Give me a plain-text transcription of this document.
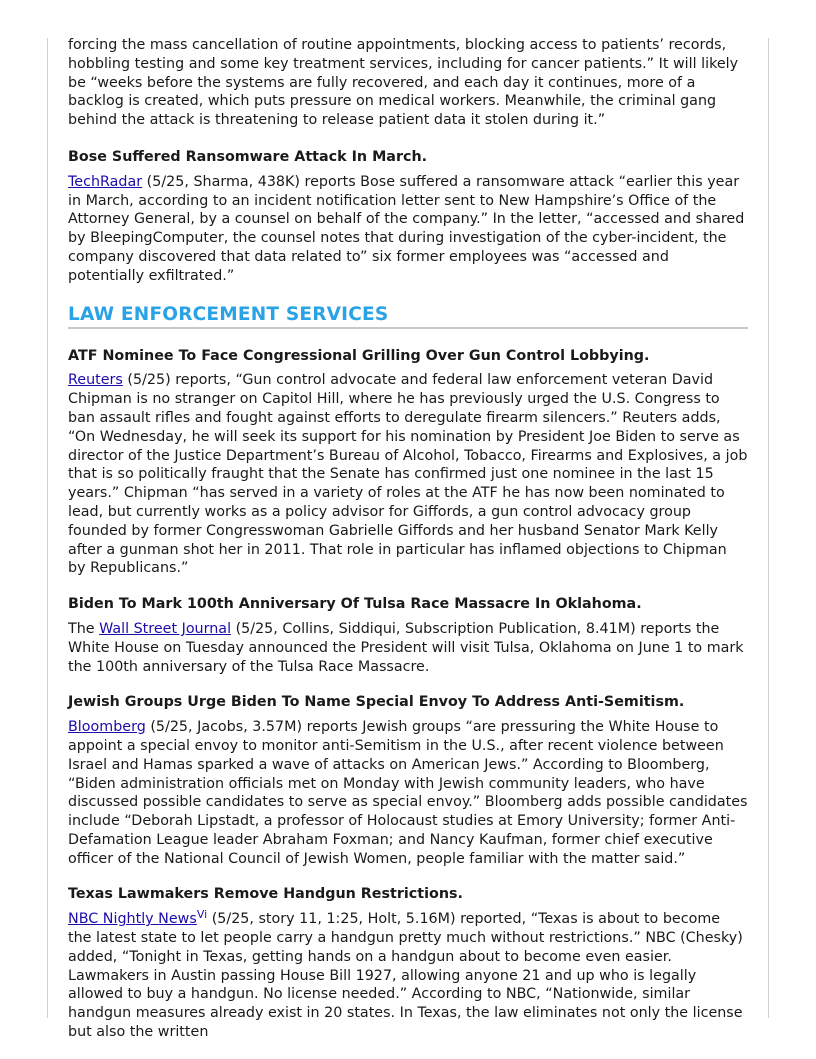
forcing the mass cancellation of routine appointments, blocking access to patients’ records, hobbling testing and some key treatment services, including for cancer patients.” It will likely be “weeks before the systems are fully recovered, and each day it continues, more of a backlog is created, which puts pressure on medical workers. Meanwhile, the criminal gang behind the attack is threatening to release patient data it stolen during it.”

Bose Suffered Ransomware Attack In March.

TechRadar (5/25, Sharma, 438K) reports Bose suffered a ransomware attack “earlier this year in March, according to an incident notification letter sent to New Hampshire’s Office of the Attorney General, by a counsel on behalf of the company.” In the letter, “accessed and shared by BleepingComputer, the counsel notes that during investigation of the cyber-incident, the company discovered that data related to” six former employees was “accessed and potentially exfiltrated.”

LAW ENFORCEMENT SERVICES
ATF Nominee To Face Congressional Grilling Over Gun Control Lobbying.

Reuters (5/25) reports, “Gun control advocate and federal law enforcement veteran David Chipman is no stranger on Capitol Hill, where he has previously urged the U.S. Congress to ban assault rifles and fought against efforts to deregulate firearm silencers.” Reuters adds, “On Wednesday, he will seek its support for his nomination by President Joe Biden to serve as director of the Justice Department’s Bureau of Alcohol, Tobacco, Firearms and Explosives, a job that is so politically fraught that the Senate has confirmed just one nominee in the last 15 years.” Chipman “has served in a variety of roles at the ATF he has now been nominated to lead, but currently works as a policy advisor for Giffords, a gun control advocacy group founded by former Congresswoman Gabrielle Giffords and her husband Senator Mark Kelly after a gunman shot her in 2011. That role in particular has inflamed objections to Chipman by Republicans.”

Biden To Mark 100th Anniversary Of Tulsa Race Massacre In Oklahoma.

The Wall Street Journal (5/25, Collins, Siddiqui, Subscription Publication, 8.41M) reports the White House on Tuesday announced the President will visit Tulsa, Oklahoma on June 1 to mark the 100th anniversary of the Tulsa Race Massacre.

Jewish Groups Urge Biden To Name Special Envoy To Address Anti-Semitism.

Bloomberg (5/25, Jacobs, 3.57M) reports Jewish groups “are pressuring the White House to appoint a special envoy to monitor anti-Semitism in the U.S., after recent violence between Israel and Hamas sparked a wave of attacks on American Jews.” According to Bloomberg, “Biden administration officials met on Monday with Jewish community leaders, who have discussed possible candidates to serve as special envoy.” Bloomberg adds possible candidates include “Deborah Lipstadt, a professor of Holocaust studies at Emory University; former Anti-Defamation League leader Abraham Foxman; and Nancy Kaufman, former chief executive officer of the National Council of Jewish Women, people familiar with the matter said.”

Texas Lawmakers Remove Handgun Restrictions.

NBC Nightly News$^{Vi}$ (5/25, story 11, 1:25, Holt, 5.16M) reported, “Texas is about to become the latest state to let people carry a handgun pretty much without restrictions.” NBC (Chesky) added, “Tonight in Texas, getting hands on a handgun about to become even easier. Lawmakers in Austin passing House Bill 1927, allowing anyone 21 and up who is legally allowed to buy a handgun. No license needed.” According to NBC, “Nationwide, similar handgun measures already exist in 20 states. In Texas, the law eliminates not only the license but also the written
